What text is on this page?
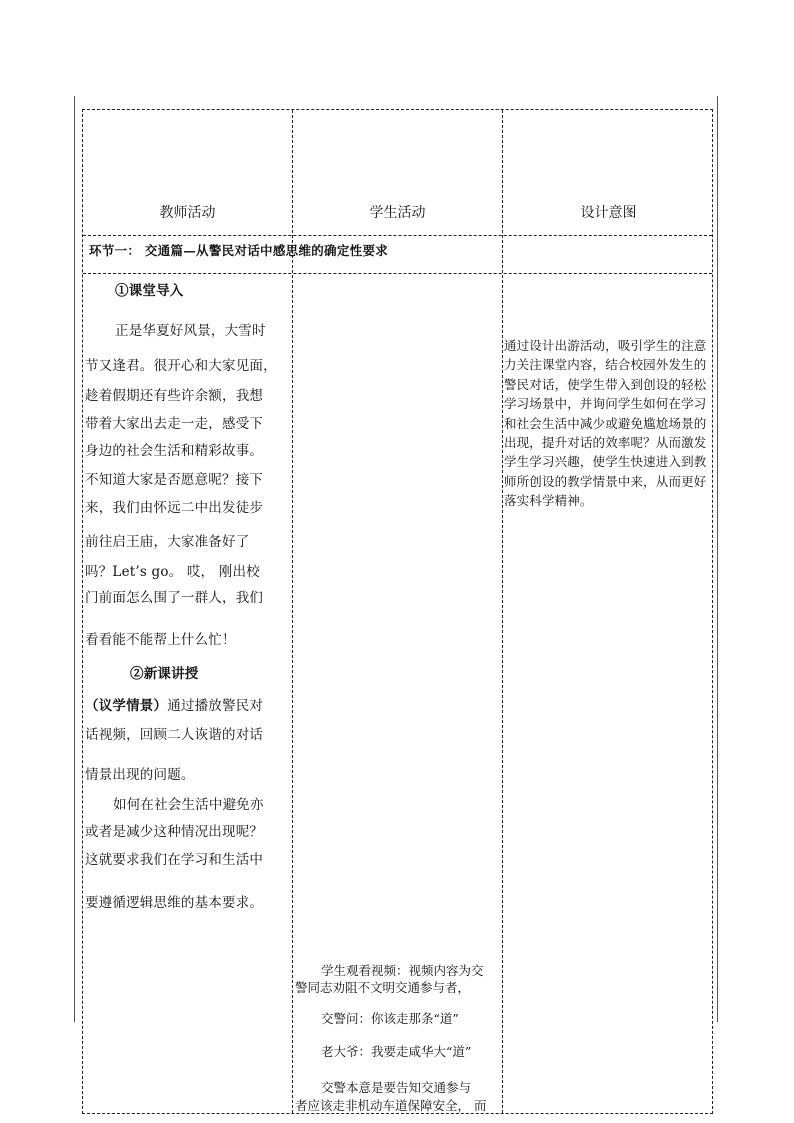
教师活动	学生活动	设计意图
环节一： 交通篇—从警民对话中感思维的确定性要求
①课堂导入
正是华夏好风景，大雪时
节又逢君。很开心和大家见面，
趁着假期还有些许余额，我想
带着大家出去走一走，感受下
身边的社会生活和精彩故事。
不知道大家是否愿意呢？接下
来，我们由怀远二中出发徒步
前往启王庙，大家准备好了
吗？Let’s go。 哎， 刚出校
门前面怎么围了一群人，我们
看看能不能帮上什么忙！
②新课讲授
（议学情景）通过播放警民对
话视频，回顾二人诙谐的对话
情景出现的问题。
如何在社会生活中避免亦
或者是减少这种情况出现呢？
这就要求我们在学习和生活中
要遵循逻辑思维的基本要求。
学生观看视频：视频内容为交
警同志劝阻不文明交通参与者，
交警问：你该走那条“道”
老大爷：我要走咸华大“道”
交警本意是要告知交通参与
者应该走非机动车道保障安全， 而
通过设计出游活动，吸引学生的注意力关注课堂内容，结合校园外发生的警民对话，使学生带入到创设的轻松学习场景中，并询问学生如何在学习和社会生活中减少或避免尴尬场景的出现，提升对话的效率呢？从而激发学生学习兴趣，使学生快速进入到教师所创设的教学情景中来，从而更好落实科学精神。
